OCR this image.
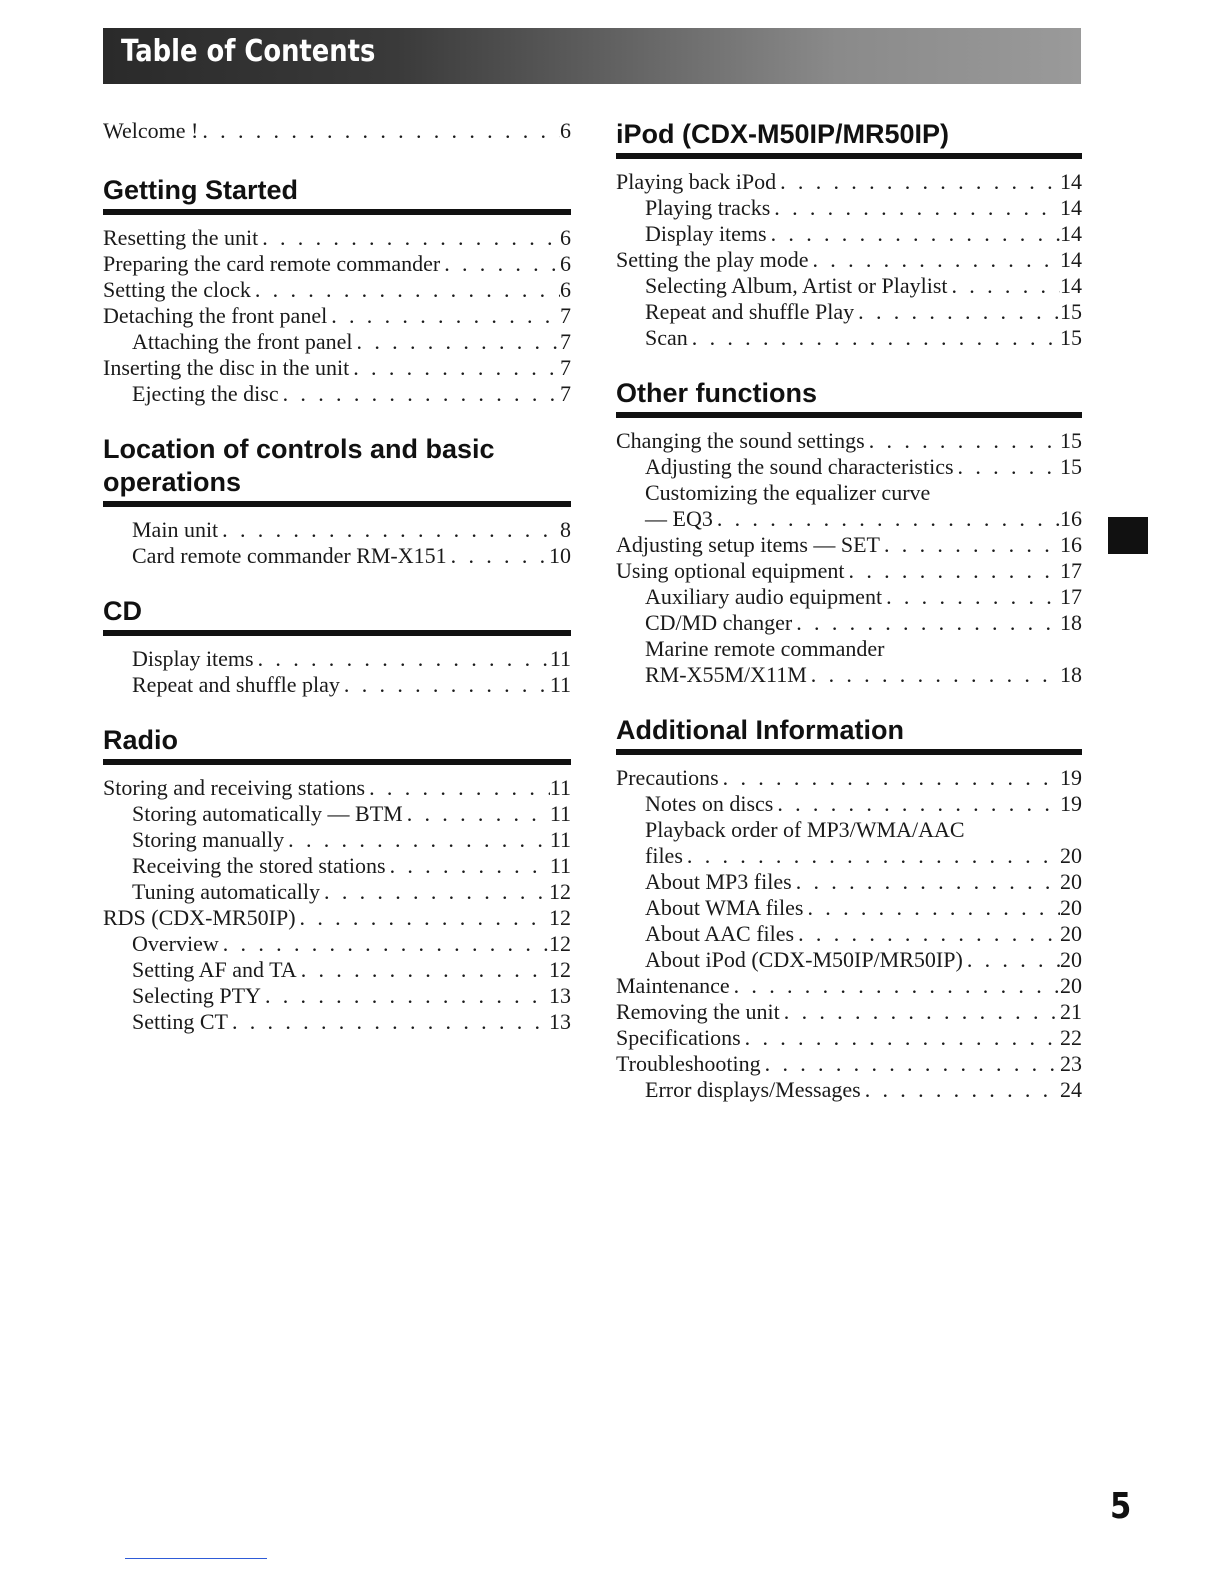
Table of Contents
Welcome ! . . .	6
Getting Started
Resetting the unit . . .	6
Preparing the card remote commander . . .	6
Setting the clock . . .	6
Detaching the front panel . . .	7
Attaching the front panel . . .	7
Inserting the disc in the unit . . .	7
Ejecting the disc . . .	7
Location of controls and basic
operations
Main unit . . .	8
Card remote commander RM-X151 . . .	10
CD
Display items . . .	11
Repeat and shuffle play . . .	11
Radio
Storing and receiving stations . . .	11
Storing automatically — BTM . . .	11
Storing manually . . .	11
Receiving the stored stations . . .	11
Tuning automatically . . .	12
RDS (CDX-MR50IP) . . .	12
Overview . . .	12
Setting AF and TA . . .	12
Selecting PTY . . .	13
Setting CT . . .	13
iPod (CDX-M50IP/MR50IP)
Playing back iPod . . .	14
Playing tracks . . .	14
Display items . . .	14
Setting the play mode . . .	14
Selecting Album, Artist or Playlist . . .	14
Repeat and shuffle Play . . .	15
Scan . . .	15
Other functions
Changing the sound settings . . .	15
Adjusting the sound characteristics . . .	15
Customizing the equalizer curve
— EQ3 . . .	16
Adjusting setup items — SET . . .	16
Using optional equipment . . .	17
Auxiliary audio equipment . . .	17
CD/MD changer . . .	18
Marine remote commander
RM-X55M/X11M . . .	18
Additional Information
Precautions . . .	19
Notes on discs . . .	19
Playback order of MP3/WMA/AAC
files . . .	20
About MP3 files . . .	20
About WMA files . . .	20
About AAC files . . .	20
About iPod (CDX-M50IP/MR50IP) . . .	20
Maintenance . . .	20
Removing the unit . . .	21
Specifications . . .	22
Troubleshooting . . .	23
Error displays/Messages . . .	24
5
